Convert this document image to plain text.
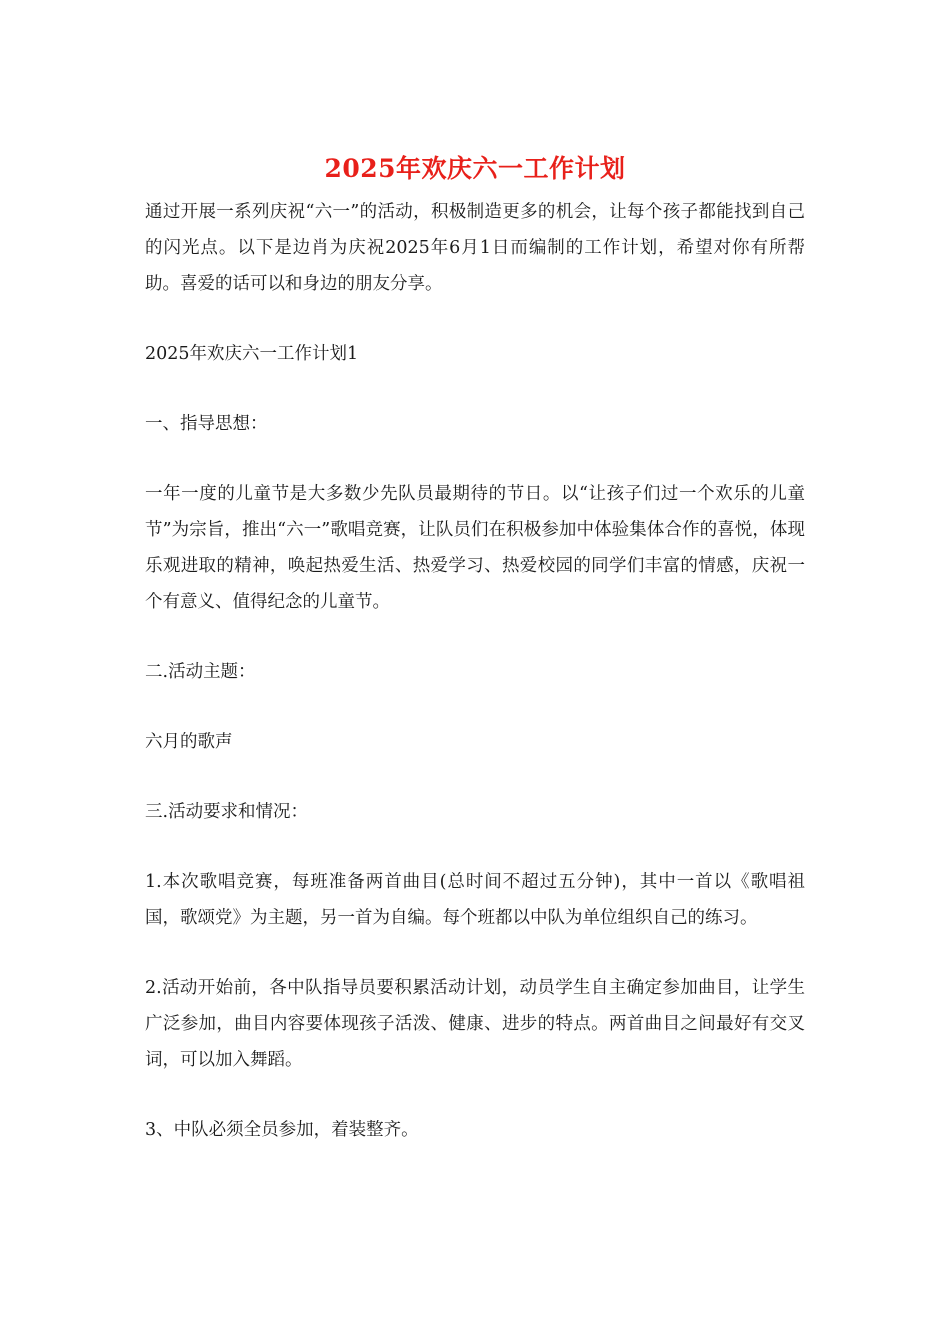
2025年欢庆六一工作计划

通过开展一系列庆祝“六一”的活动，积极制造更多的机会，让每个孩子都能找到自己的闪光点。以下是边肖为庆祝2025年6月1日而编制的工作计划，希望对你有所帮助。喜爱的话可以和身边的朋友分享。

2025年欢庆六一工作计划1

一、指导思想：

一年一度的儿童节是大多数少先队员最期待的节日。以“让孩子们过一个欢乐的儿童节”为宗旨，推出“六一”歌唱竞赛，让队员们在积极参加中体验集体合作的喜悦，体现乐观进取的精神，唤起热爱生活、热爱学习、热爱校园的同学们丰富的情感，庆祝一个有意义、值得纪念的儿童节。

二.活动主题：

六月的歌声

三.活动要求和情况：

1.本次歌唱竞赛，每班准备两首曲目(总时间不超过五分钟)，其中一首以《歌唱祖国，歌颂党》为主题，另一首为自编。每个班都以中队为单位组织自己的练习。

2.活动开始前，各中队指导员要积累活动计划，动员学生自主确定参加曲目，让学生广泛参加，曲目内容要体现孩子活泼、健康、进步的特点。两首曲目之间最好有交叉词，可以加入舞蹈。

3、中队必须全员参加，着装整齐。
